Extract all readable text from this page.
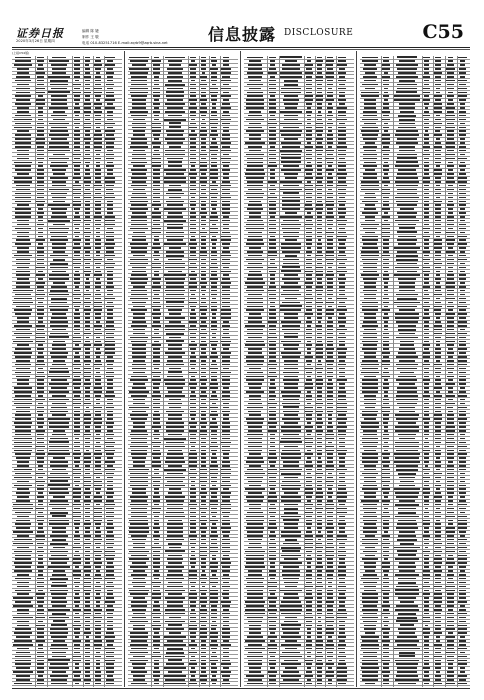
证券日报
2020年3月26日 星期四
编辑 陈 婕
制作 王 敬
电话 010-83251716 E-mail:zqrb9@zqrb.sina.net	信息披露 DISCLOSURE	C55
(上接C54版)
